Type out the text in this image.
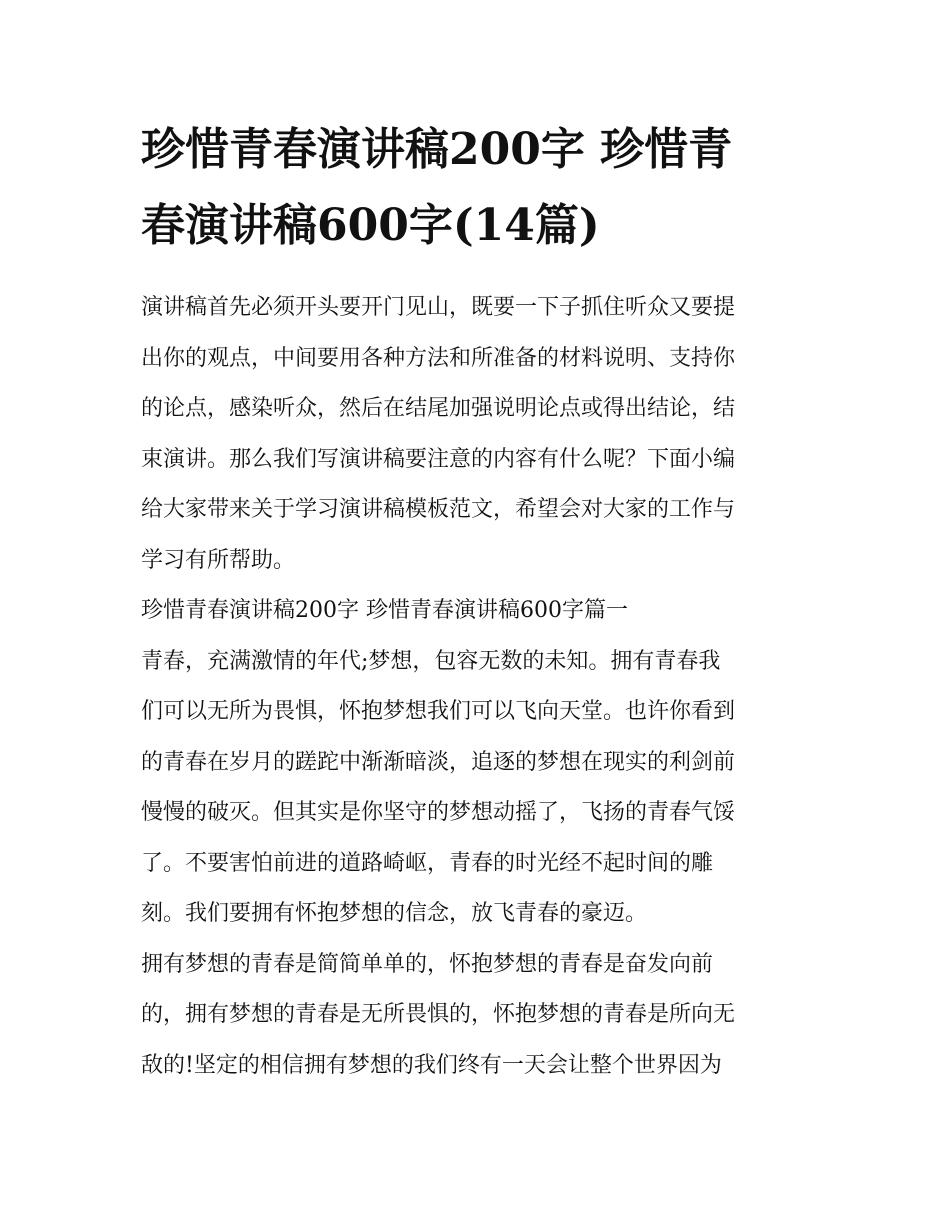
珍惜青春演讲稿200字 珍惜青
春演讲稿600字(14篇)
演讲稿首先必须开头要开门见山，既要一下子抓住听众又要提
出你的观点，中间要用各种方法和所准备的材料说明、支持你
的论点，感染听众，然后在结尾加强说明论点或得出结论，结
束演讲。那么我们写演讲稿要注意的内容有什么呢？下面小编
给大家带来关于学习演讲稿模板范文，希望会对大家的工作与
学习有所帮助。
珍惜青春演讲稿200字 珍惜青春演讲稿600字篇一
青春，充满激情的年代;梦想，包容无数的未知。拥有青春我
们可以无所为畏惧，怀抱梦想我们可以飞向天堂。也许你看到
的青春在岁月的蹉跎中渐渐暗淡，追逐的梦想在现实的利剑前
慢慢的破灭。但其实是你坚守的梦想动摇了，飞扬的青春气馁
了。不要害怕前进的道路崎岖，青春的时光经不起时间的雕
刻。我们要拥有怀抱梦想的信念，放飞青春的豪迈。
拥有梦想的青春是简简单单的，怀抱梦想的青春是奋发向前
的，拥有梦想的青春是无所畏惧的，怀抱梦想的青春是所向无
敌的!坚定的相信拥有梦想的我们终有一天会让整个世界因为
